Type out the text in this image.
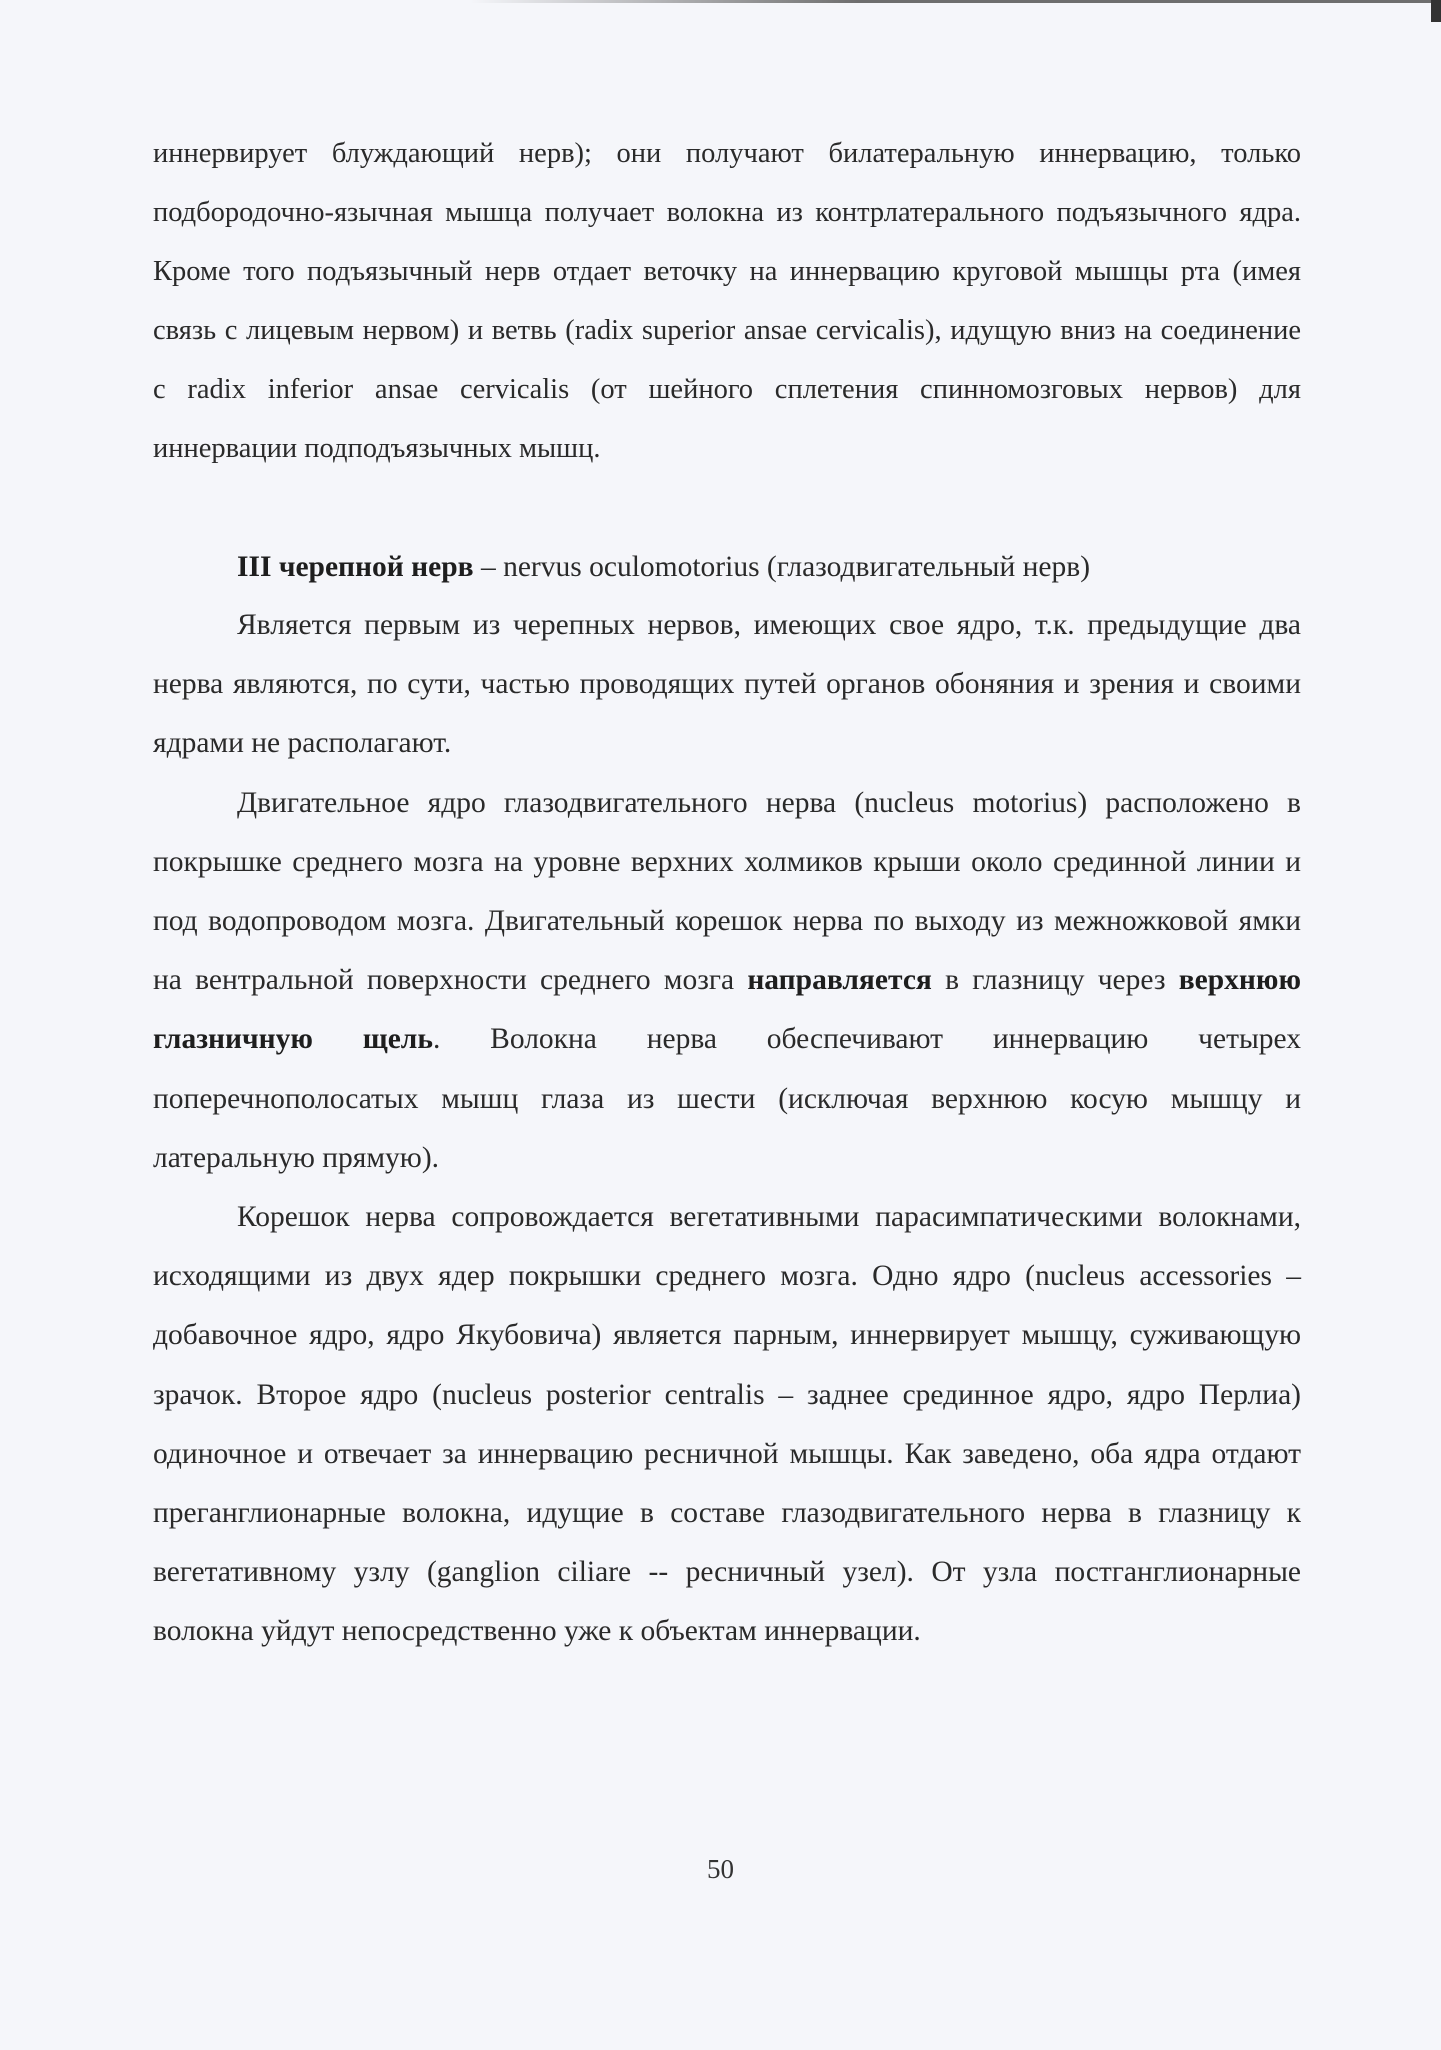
иннервирует блуждающий нерв); они получают билатеральную иннервацию, только подбородочно-язычная мышца получает волокна из контрлатерального подъязычного ядра. Кроме того подъязычный нерв отдает веточку на иннервацию круговой мышцы рта (имея связь с лицевым нервом) и ветвь (radix superior ansae cervicalis), идущую вниз на соединение с radix inferior ansae cervicalis (от шейного сплетения спинномозговых нервов) для иннервации подподъязычных мышц.

III черепной нерв – nervus oculomotorius (глазодвигательный нерв)

Является первым из черепных нервов, имеющих свое ядро, т.к. предыдущие два нерва являются, по сути, частью проводящих путей органов обоняния и зрения и своими ядрами не располагают.

Двигательное ядро глазодвигательного нерва (nucleus motorius) расположено в покрышке среднего мозга на уровне верхних холмиков крыши около срединной линии и под водопроводом мозга. Двигательный корешок нерва по выходу из межножковой ямки на вентральной поверхности среднего мозга направляется в глазницу через верхнюю глазничную щель. Волокна нерва обеспечивают иннервацию четырех поперечнополосатых мышц глаза из шести (исключая верхнюю косую мышцу и латеральную прямую).

Корешок нерва сопровождается вегетативными парасимпатическими волокнами, исходящими из двух ядер покрышки среднего мозга. Одно ядро (nucleus accessories – добавочное ядро, ядро Якубовича) является парным, иннервирует мышцу, суживающую зрачок. Второе ядро (nucleus posterior centralis – заднее срединное ядро, ядро Перлиа) одиночное и отвечает за иннервацию ресничной мышцы. Как заведено, оба ядра отдают преганглионарные волокна, идущие в составе глазодвигательного нерва в глазницу к вегетативному узлу (ganglion ciliare -- ресничный узел). От узла постганглионарные волокна уйдут непосредственно уже к объектам иннервации.

50
